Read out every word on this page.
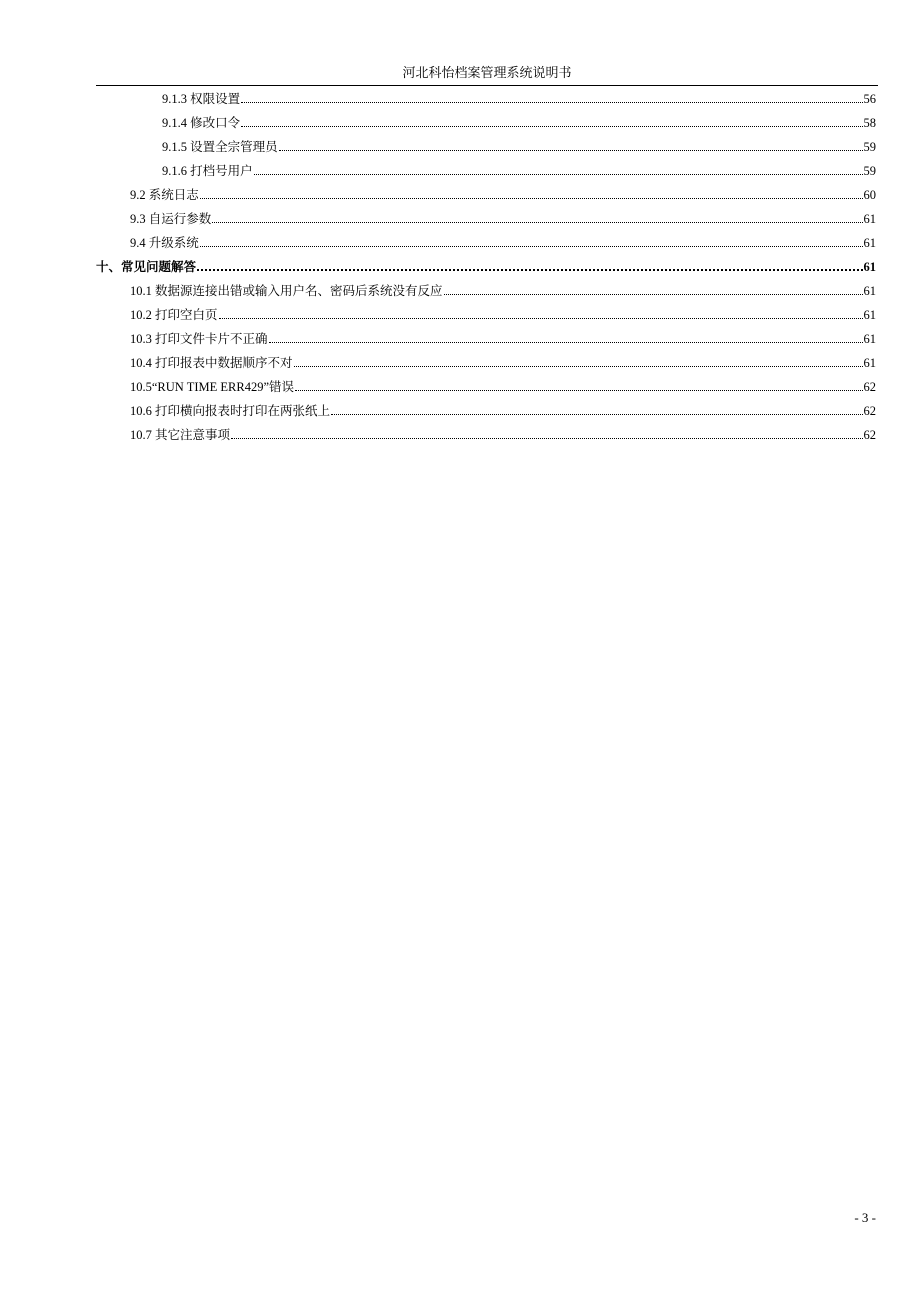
河北科怡档案管理系统说明书
9.1.3 权限设置	56
9.1.4 修改口令	58
9.1.5 设置全宗管理员	59
9.1.6 打档号用户	59
9.2 系统日志	60
9.3 自运行参数	61
9.4 升级系统	61
十、常见问题解答	61
10.1 数据源连接出错或输入用户名、密码后系统没有反应	61
10.2 打印空白页	61
10.3 打印文件卡片不正确	61
10.4 打印报表中数据顺序不对	61
10.5“RUN TIME ERR429”错误	62
10.6 打印横向报表时打印在两张纸上	62
10.7 其它注意事项	62
- 3 -
